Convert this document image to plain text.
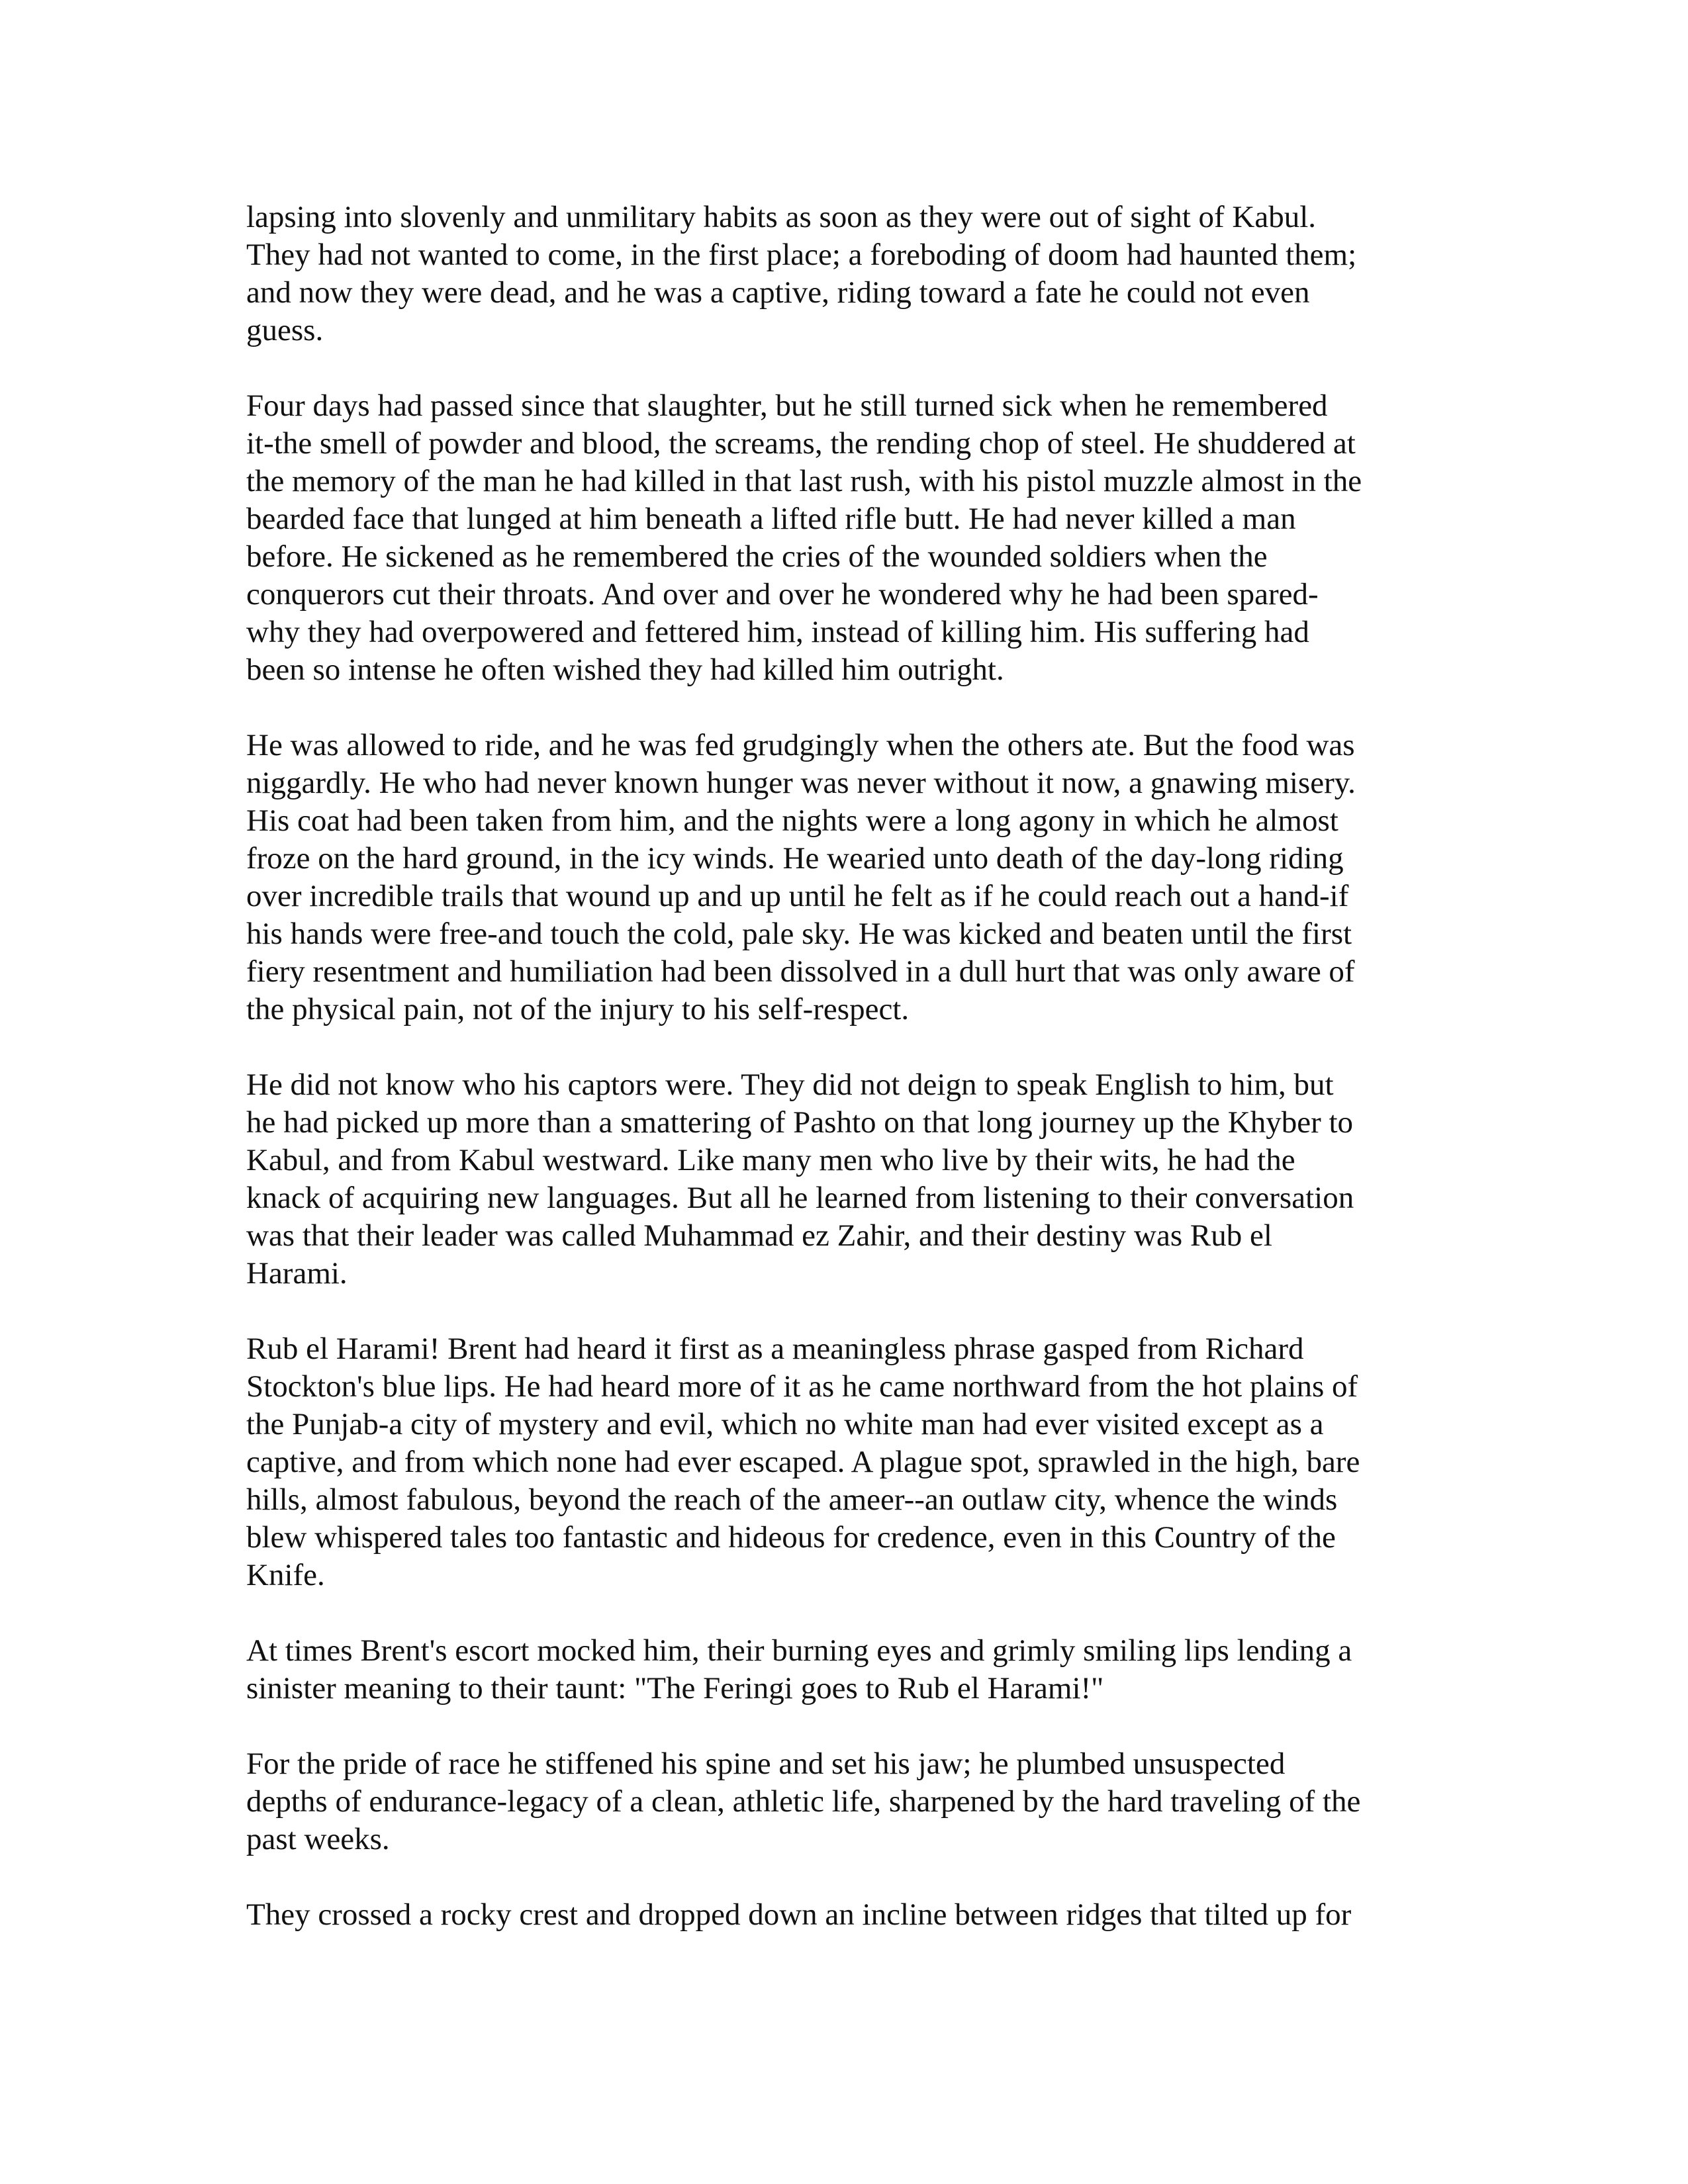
lapsing into slovenly and unmilitary habits as soon as they were out of sight of Kabul.
They had not wanted to come, in the first place; a foreboding of doom had haunted them;
and now they were dead, and he was a captive, riding toward a fate he could not even
guess.

Four days had passed since that slaughter, but he still turned sick when he remembered
it-the smell of powder and blood, the screams, the rending chop of steel. He shuddered at
the memory of the man he had killed in that last rush, with his pistol muzzle almost in the
bearded face that lunged at him beneath a lifted rifle butt. He had never killed a man
before. He sickened as he remembered the cries of the wounded soldiers when the
conquerors cut their throats. And over and over he wondered why he had been spared-
why they had overpowered and fettered him, instead of killing him. His suffering had
been so intense he often wished they had killed him outright.

He was allowed to ride, and he was fed grudgingly when the others ate. But the food was
niggardly. He who had never known hunger was never without it now, a gnawing misery.
His coat had been taken from him, and the nights were a long agony in which he almost
froze on the hard ground, in the icy winds. He wearied unto death of the day-long riding
over incredible trails that wound up and up until he felt as if he could reach out a hand-if
his hands were free-and touch the cold, pale sky. He was kicked and beaten until the first
fiery resentment and humiliation had been dissolved in a dull hurt that was only aware of
the physical pain, not of the injury to his self-respect.

He did not know who his captors were. They did not deign to speak English to him, but
he had picked up more than a smattering of Pashto on that long journey up the Khyber to
Kabul, and from Kabul westward. Like many men who live by their wits, he had the
knack of acquiring new languages. But all he learned from listening to their conversation
was that their leader was called Muhammad ez Zahir, and their destiny was Rub el
Harami.

Rub el Harami! Brent had heard it first as a meaningless phrase gasped from Richard
Stockton's blue lips. He had heard more of it as he came northward from the hot plains of
the Punjab-a city of mystery and evil, which no white man had ever visited except as a
captive, and from which none had ever escaped. A plague spot, sprawled in the high, bare
hills, almost fabulous, beyond the reach of the ameer--an outlaw city, whence the winds
blew whispered tales too fantastic and hideous for credence, even in this Country of the
Knife.

At times Brent's escort mocked him, their burning eyes and grimly smiling lips lending a
sinister meaning to their taunt: "The Feringi goes to Rub el Harami!"

For the pride of race he stiffened his spine and set his jaw; he plumbed unsuspected
depths of endurance-legacy of a clean, athletic life, sharpened by the hard traveling of the
past weeks.

They crossed a rocky crest and dropped down an incline between ridges that tilted up for
